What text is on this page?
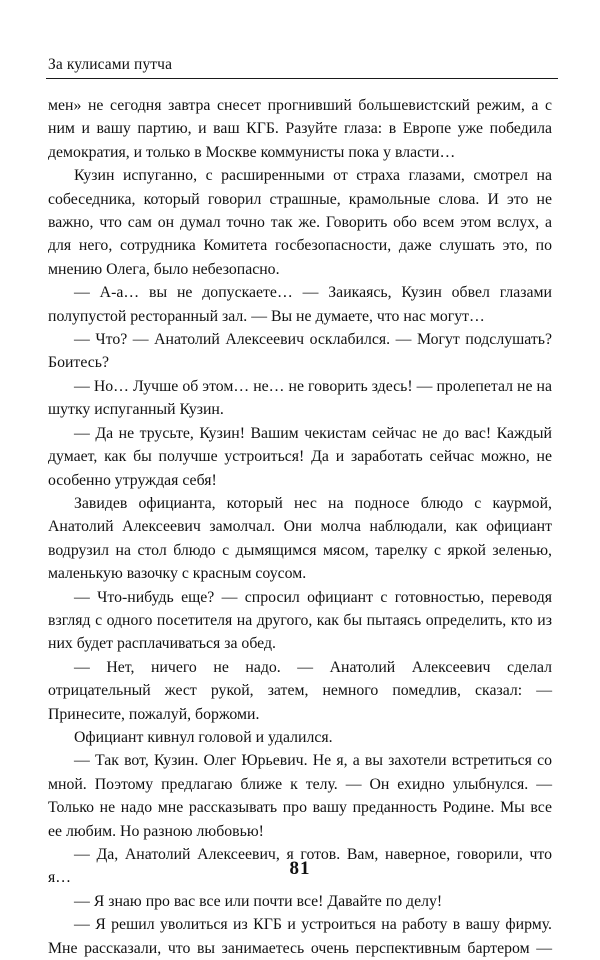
За кулисами путча

мен» не сегодня завтра снесет прогнивший большевистский режим, а с ним и вашу партию, и ваш КГБ. Разуйте глаза: в Европе уже победила демократия, и только в Москве коммунисты пока у власти…

Кузин испуганно, с расширенными от страха глазами, смотрел на собеседника, который говорил страшные, крамольные слова. И это не важно, что сам он думал точно так же. Говорить обо всем этом вслух, а для него, сотрудника Комитета госбезопасности, даже слушать это, по мнению Олега, было небезопасно.

— А-а… вы не допускаете… — Заикаясь, Кузин обвел глазами полупустой ресторанный зал. — Вы не думаете, что нас могут…

— Что? — Анатолий Алексеевич осклабился. — Могут подслушать? Боитесь?

— Но… Лучше об этом… не… не говорить здесь! — пролепетал не на шутку испуганный Кузин.

— Да не трусьте, Кузин! Вашим чекистам сейчас не до вас! Каждый думает, как бы получше устроиться! Да и заработать сейчас можно, не особенно утруждая себя!

Завидев официанта, который нес на подносе блюдо с каурмой, Анатолий Алексеевич замолчал. Они молча наблюдали, как официант водрузил на стол блюдо с дымящимся мясом, тарелку с яркой зеленью, маленькую вазочку с красным соусом.

— Что-нибудь еще? — спросил официант с готовностью, переводя взгляд с одного посетителя на другого, как бы пытаясь определить, кто из них будет расплачиваться за обед.

— Нет, ничего не надо. — Анатолий Алексеевич сделал отрицательный жест рукой, затем, немного помедлив, сказал: — Принесите, пожалуй, боржоми.

Официант кивнул головой и удалился.

— Так вот, Кузин. Олег Юрьевич. Не я, а вы захотели встретиться со мной. Поэтому предлагаю ближе к телу. — Он ехидно улыбнулся. — Только не надо мне рассказывать про вашу преданность Родине. Мы все ее любим. Но разною любовью!

— Да, Анатолий Алексеевич, я готов. Вам, наверное, говорили, что я…

— Я знаю про вас все или почти все! Давайте по делу!

— Я решил уволиться из КГБ и устроиться на работу в вашу фирму. Мне рассказали, что вы занимаетесь очень перспективным бартером —

81
